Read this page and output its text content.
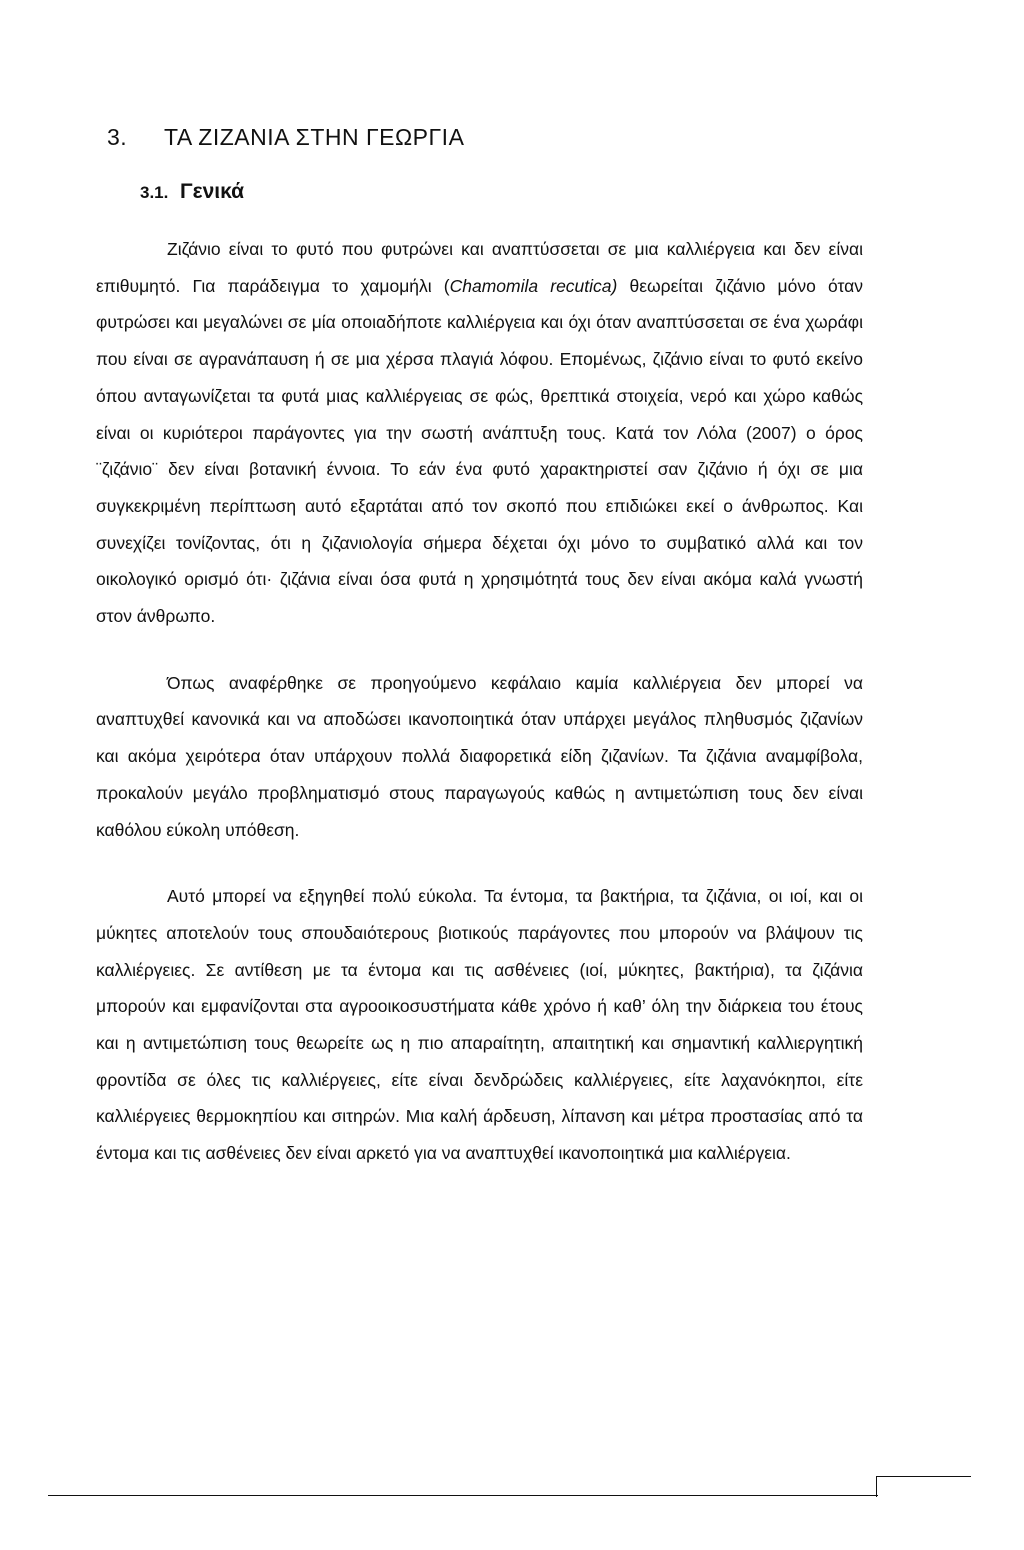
3. ΤΑ ΖΙΖΑΝΙΑ ΣΤΗΝ ΓΕΩΡΓΙΑ
3.1. Γενικά

Ζιζάνιο είναι το φυτό που φυτρώνει και αναπτύσσεται σε μια καλλιέργεια και δεν είναι επιθυμητό. Για παράδειγμα το χαμομήλι (Chamomila recutica) θεωρείται ζιζάνιο μόνο όταν φυτρώσει και μεγαλώνει σε μία οποιαδήποτε καλλιέργεια και όχι όταν αναπτύσσεται σε ένα χωράφι που είναι σε αγρανάπαυση ή σε μια χέρσα πλαγιά λόφου. Επομένως, ζιζάνιο είναι το φυτό εκείνο όπου ανταγωνίζεται τα φυτά μιας καλλιέργειας σε φώς, θρεπτικά στοιχεία, νερό και χώρο καθώς είναι οι κυριότεροι παράγοντες για την σωστή ανάπτυξη τους. Κατά τον Λόλα (2007) ο όρος ¨ζιζάνιο¨ δεν είναι βοτανική έννοια. Το εάν ένα φυτό χαρακτηριστεί σαν ζιζάνιο ή όχι σε μια συγκεκριμένη περίπτωση αυτό εξαρτάται από τον σκοπό που επιδιώκει εκεί ο άνθρωπος. Και συνεχίζει τονίζοντας, ότι η ζιζανιολογία σήμερα δέχεται όχι μόνο το συμβατικό αλλά και τον οικολογικό ορισμό ότι· ζιζάνια είναι όσα φυτά η χρησιμότητά τους δεν είναι ακόμα καλά γνωστή στον άνθρωπο.

Όπως αναφέρθηκε σε προηγούμενο κεφάλαιο καμία καλλιέργεια δεν μπορεί να αναπτυχθεί κανονικά και να αποδώσει ικανοποιητικά όταν υπάρχει μεγάλος πληθυσμός ζιζανίων και ακόμα χειρότερα όταν υπάρχουν πολλά διαφορετικά είδη ζιζανίων. Τα ζιζάνια αναμφίβολα, προκαλούν μεγάλο προβληματισμό στους παραγωγούς καθώς η αντιμετώπιση τους δεν είναι καθόλου εύκολη υπόθεση.

Αυτό μπορεί να εξηγηθεί πολύ εύκολα. Τα έντομα, τα βακτήρια, τα ζιζάνια, οι ιοί, και οι μύκητες αποτελούν τους σπουδαιότερους βιοτικούς παράγοντες που μπορούν να βλάψουν τις καλλιέργειες. Σε αντίθεση με τα έντομα και τις ασθένειες (ιοί, μύκητες, βακτήρια), τα ζιζάνια μπορούν και εμφανίζονται στα αγροοικοσυστήματα κάθε χρόνο ή καθ’ όλη την διάρκεια του έτους και η αντιμετώπιση τους θεωρείτε ως η πιο απαραίτητη, απαιτητική και σημαντική καλλιεργητική φροντίδα σε όλες τις καλλιέργειες, είτε είναι δενδρώδεις καλλιέργειες, είτε λαχανόκηποι, είτε καλλιέργειες θερμοκηπίου και σιτηρών. Μια καλή άρδευση, λίπανση και μέτρα προστασίας από τα έντομα και τις ασθένειες δεν είναι αρκετό για να αναπτυχθεί ικανοποιητικά μια καλλιέργεια.
